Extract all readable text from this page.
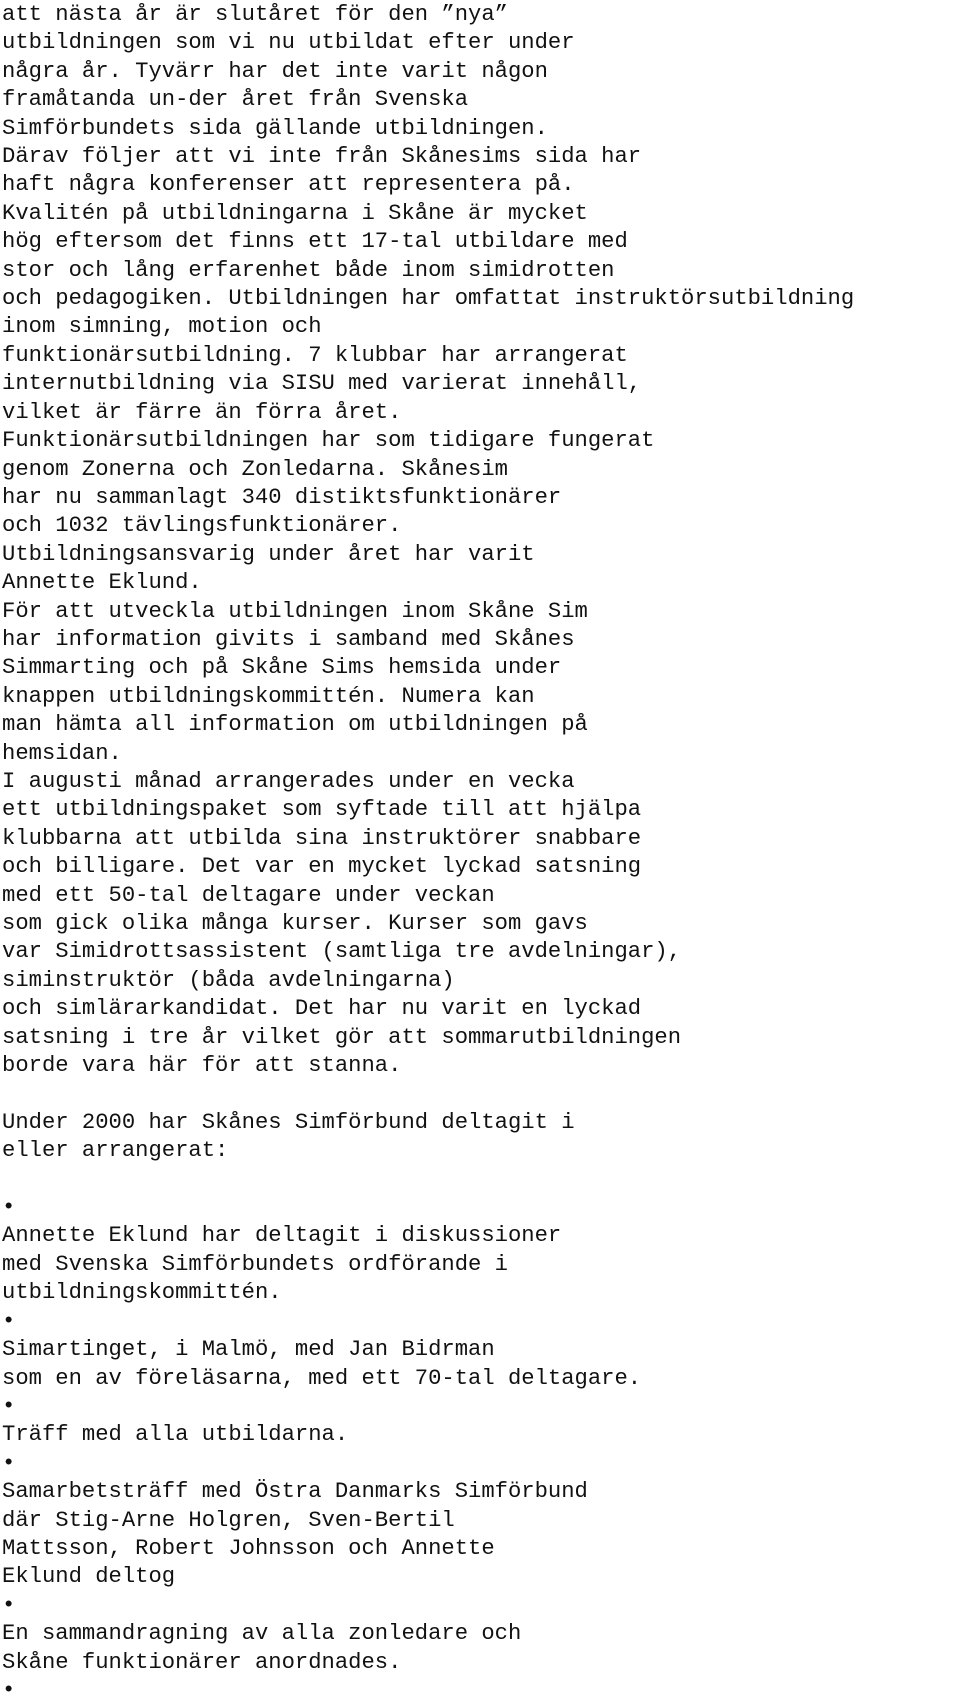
att nästa år är slutåret för den ”nya”
utbildningen som vi nu utbildat efter under
några år. Tyvärr har det inte varit någon
framåtanda un-der året från Svenska
Simförbundets sida gällande utbildningen.
Därav följer att vi inte från Skånesims sida har
haft några konferenser att representera på.
Kvalitén på utbildningarna i Skåne är mycket
hög eftersom det finns ett 17-tal utbildare med
stor och lång erfarenhet både inom simidrotten
och pedagogiken. Utbildningen har omfattat instruktörsutbildning
inom simning, motion och
funktionärsutbildning. 7 klubbar har arrangerat
internutbildning via SISU med varierat innehåll,
vilket är färre än förra året.
Funktionärsutbildningen har som tidigare fungerat
genom Zonerna och Zonledarna. Skånesim
har nu sammanlagt 340 distiktsfunktionärer
och 1032 tävlingsfunktionärer.
Utbildningsansvarig under året har varit
Annette Eklund.
För att utveckla utbildningen inom Skåne Sim
har information givits i samband med Skånes
Simmarting och på Skåne Sims hemsida under
knappen utbildningskommittén. Numera kan
man hämta all information om utbildningen på
hemsidan.
I augusti månad arrangerades under en vecka
ett utbildningspaket som syftade till att hjälpa
klubbarna att utbilda sina instruktörer snabbare
och billigare. Det var en mycket lyckad satsning
med ett 50-tal deltagare under veckan
som gick olika många kurser. Kurser som gavs
var Simidrottsassistent (samtliga tre avdelningar),
siminstruktör (båda avdelningarna)
och simlärarkandidat. Det har nu varit en lyckad
satsning i tre år vilket gör att sommarutbildningen
borde vara här för att stanna.
Under 2000 har Skånes Simförbund deltagit i
eller arrangerat:
•
Annette Eklund har deltagit i diskussioner
med Svenska Simförbundets ordförande i
utbildningskommittén.
•
Simartinget, i Malmö, med Jan Bidrman
som en av föreläsarna, med ett 70-tal deltagare.
•
Träff med alla utbildarna.
•
Samarbetsträff med Östra Danmarks Simförbund
där Stig-Arne Holgren, Sven-Bertil
Mattsson, Robert Johnsson och Annette
Eklund deltog
•
En sammandragning av alla zonledare och
Skåne funktionärer anordnades.
•
